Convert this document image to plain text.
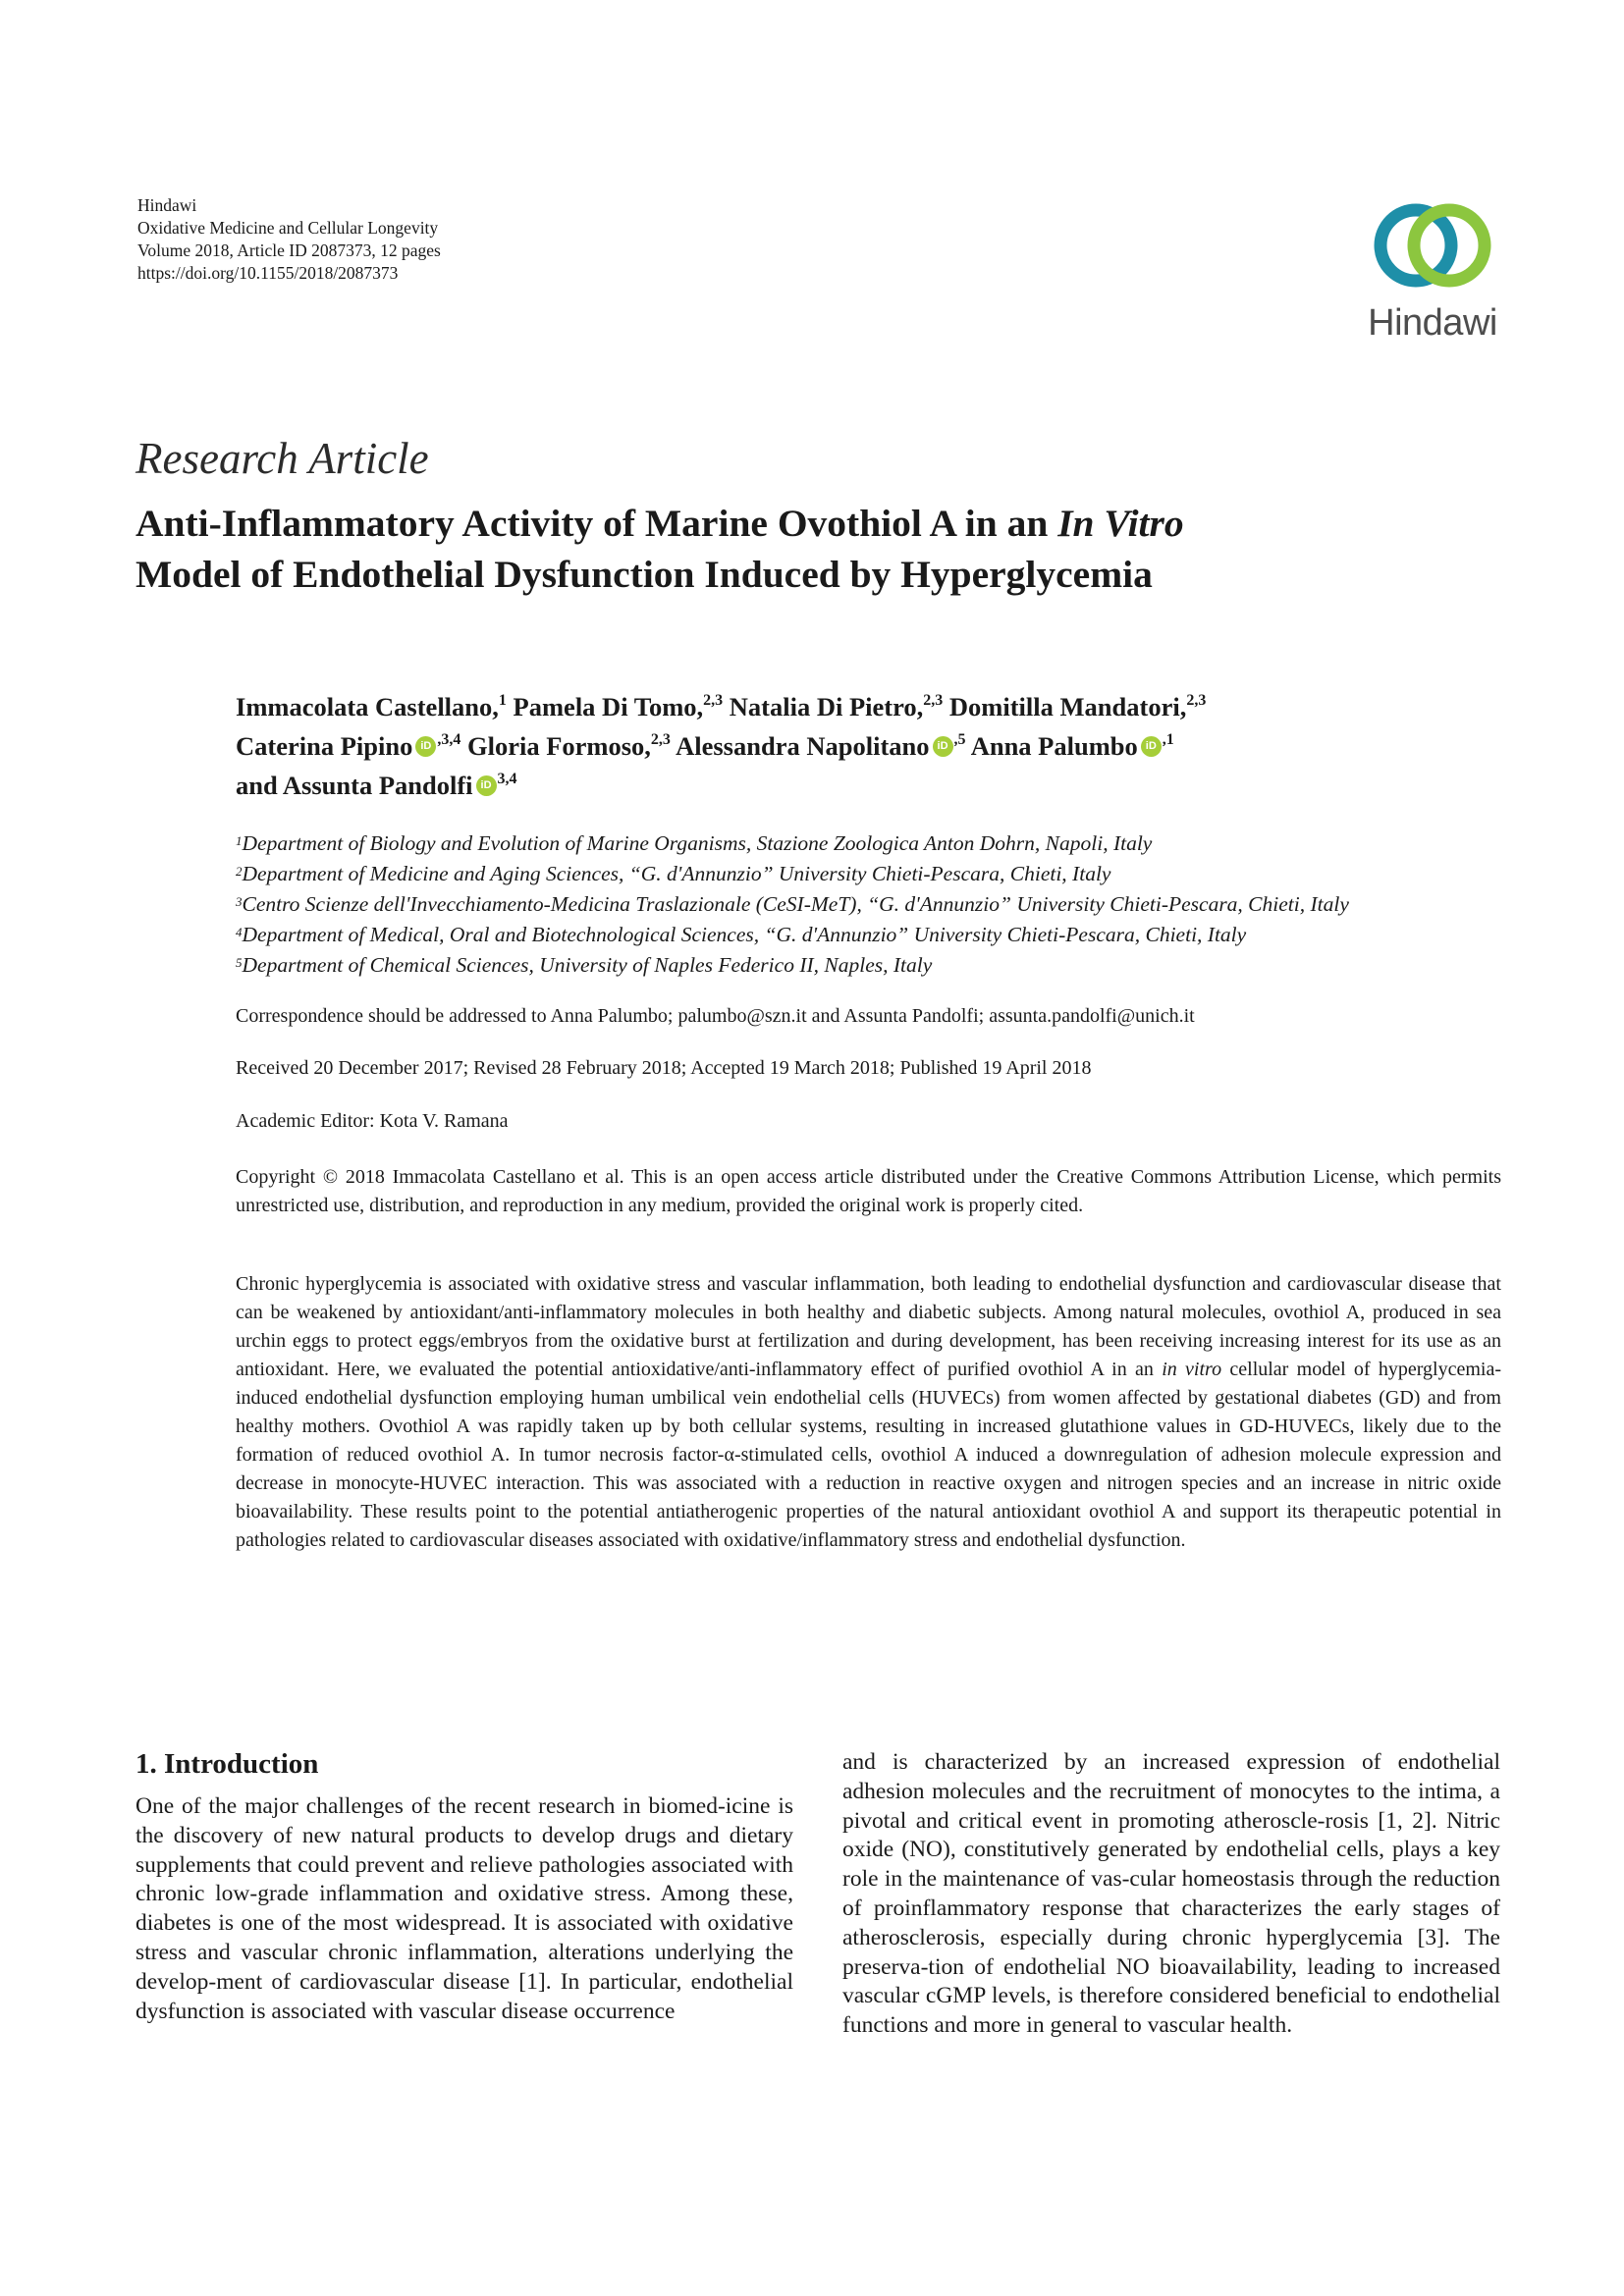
Hindawi
Oxidative Medicine and Cellular Longevity
Volume 2018, Article ID 2087373, 12 pages
https://doi.org/10.1155/2018/2087373
Hindawi
Research Article
Anti-Inflammatory Activity of Marine Ovothiol A in an In Vitro
Model of Endothelial Dysfunction Induced by Hyperglycemia
Immacolata Castellano,$^1$ Pamela Di Tomo,$^{2,3}$ Natalia Di Pietro,$^{2,3}$ Domitilla Mandatori,$^{2,3}$
Caterina Pipino iD $^{,3,4}$ Gloria Formoso,$^{2,3}$ Alessandra Napolitano iD $^{,5}$ Anna Palumbo iD $^{,1}$
and Assunta Pandolfi iD $^{3,4}$
$^1$Department of Biology and Evolution of Marine Organisms, Stazione Zoologica Anton Dohrn, Napoli, Italy
$^2$Department of Medicine and Aging Sciences, “G. d'Annunzio” University Chieti-Pescara, Chieti, Italy
$^3$Centro Scienze dell'Invecchiamento-Medicina Traslazionale (CeSI-MeT), “G. d'Annunzio” University Chieti-Pescara, Chieti, Italy
$^4$Department of Medical, Oral and Biotechnological Sciences, “G. d'Annunzio” University Chieti-Pescara, Chieti, Italy
$^5$Department of Chemical Sciences, University of Naples Federico II, Naples, Italy
Correspondence should be addressed to Anna Palumbo; palumbo@szn.it and Assunta Pandolfi; assunta.pandolfi@unich.it
Received 20 December 2017; Revised 28 February 2018; Accepted 19 March 2018; Published 19 April 2018
Academic Editor: Kota V. Ramana
Copyright © 2018 Immacolata Castellano et al. This is an open access article distributed under the Creative Commons Attribution License, which permits unrestricted use, distribution, and reproduction in any medium, provided the original work is properly cited.
Chronic hyperglycemia is associated with oxidative stress and vascular inflammation, both leading to endothelial dysfunction and cardiovascular disease that can be weakened by antioxidant/anti-inflammatory molecules in both healthy and diabetic subjects. Among natural molecules, ovothiol A, produced in sea urchin eggs to protect eggs/embryos from the oxidative burst at fertilization and during development, has been receiving increasing interest for its use as an antioxidant. Here, we evaluated the potential antioxidative/anti-inflammatory effect of purified ovothiol A in an in vitro cellular model of hyperglycemia-induced endothelial dysfunction employing human umbilical vein endothelial cells (HUVECs) from women affected by gestational diabetes (GD) and from healthy mothers. Ovothiol A was rapidly taken up by both cellular systems, resulting in increased glutathione values in GD-HUVECs, likely due to the formation of reduced ovothiol A. In tumor necrosis factor-α-stimulated cells, ovothiol A induced a downregulation of adhesion molecule expression and decrease in monocyte-HUVEC interaction. This was associated with a reduction in reactive oxygen and nitrogen species and an increase in nitric oxide bioavailability. These results point to the potential antiatherogenic properties of the natural antioxidant ovothiol A and support its therapeutic potential in pathologies related to cardiovascular diseases associated with oxidative/inflammatory stress and endothelial dysfunction.
1. Introduction
One of the major challenges of the recent research in biomed-icine is the discovery of new natural products to develop drugs and dietary supplements that could prevent and relieve pathologies associated with chronic low-grade inflammation and oxidative stress. Among these, diabetes is one of the most widespread. It is associated with oxidative stress and vascular chronic inflammation, alterations underlying the develop-ment of cardiovascular disease [1]. In particular, endothelial dysfunction is associated with vascular disease occurrence
and is characterized by an increased expression of endothelial adhesion molecules and the recruitment of monocytes to the intima, a pivotal and critical event in promoting atheroscle-rosis [1, 2]. Nitric oxide (NO), constitutively generated by endothelial cells, plays a key role in the maintenance of vas-cular homeostasis through the reduction of proinflammatory response that characterizes the early stages of atherosclerosis, especially during chronic hyperglycemia [3]. The preserva-tion of endothelial NO bioavailability, leading to increased vascular cGMP levels, is therefore considered beneficial to endothelial functions and more in general to vascular health.
